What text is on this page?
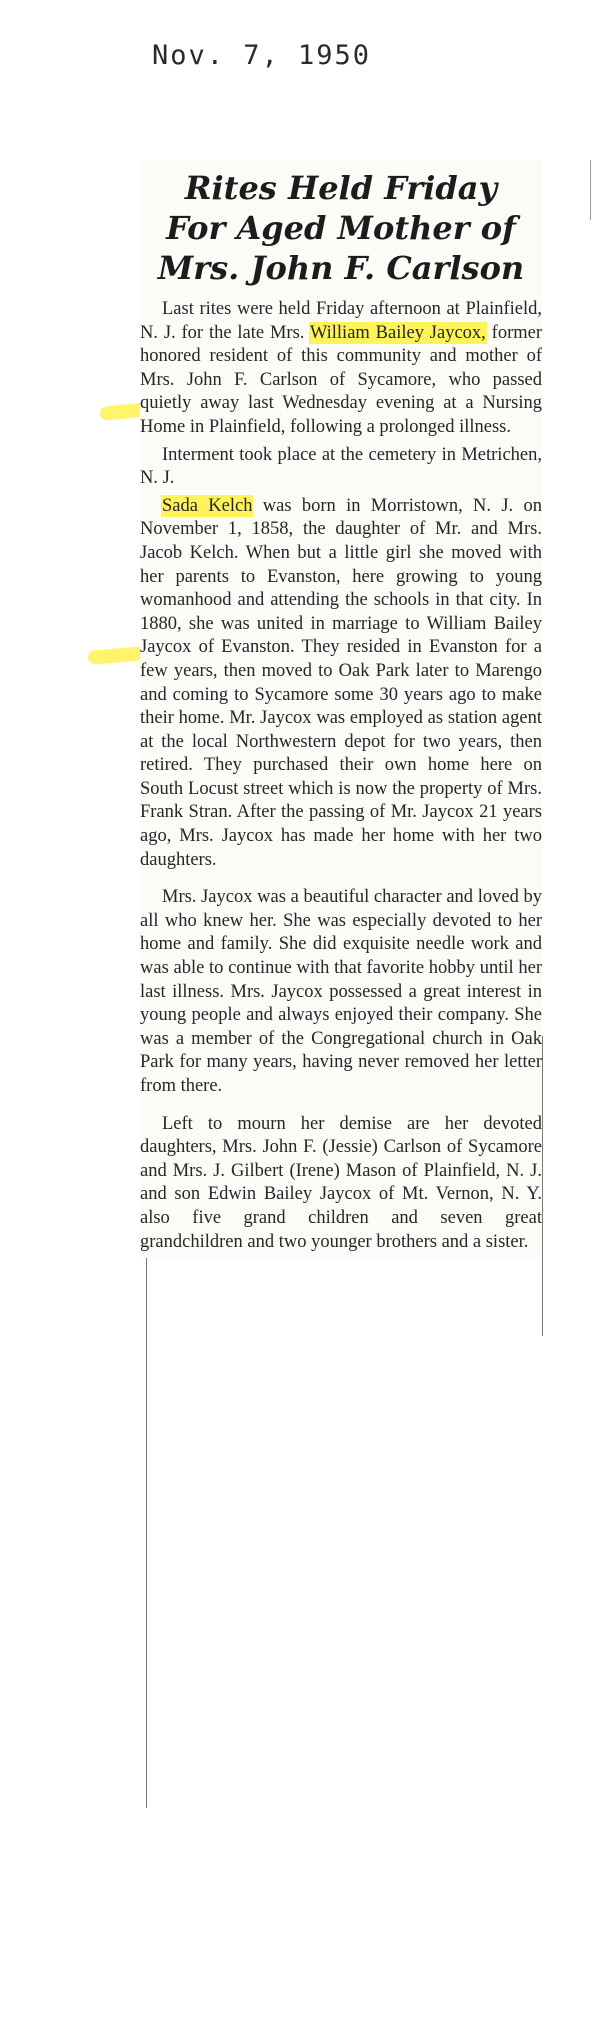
Nov. 7, 1950
Rites Held Friday
For Aged Mother of
Mrs. John F. Carlson

Last rites were held Friday afternoon at Plainfield, N. J. for the late Mrs. William Bailey Jaycox, former honored resident of this community and mother of Mrs. John F. Carlson of Sycamore, who passed quietly away last Wednesday evening at a Nursing Home in Plainfield, following a prolonged illness.

Interment took place at the cemetery in Metrichen, N. J.

Sada Kelch was born in Morristown, N. J. on November 1, 1858, the daughter of Mr. and Mrs. Jacob Kelch. When but a little girl she moved with her parents to Evanston, here growing to young womanhood and attending the schools in that city. In 1880, she was united in marriage to William Bailey Jaycox of Evanston. They resided in Evanston for a few years, then moved to Oak Park later to Marengo and coming to Sycamore some 30 years ago to make their home. Mr. Jaycox was employed as station agent at the local Northwestern depot for two years, then retired. They purchased their own home here on South Locust street which is now the property of Mrs. Frank Stran. After the passing of Mr. Jaycox 21 years ago, Mrs. Jaycox has made her home with her two daughters.

Mrs. Jaycox was a beautiful character and loved by all who knew her. She was especially devoted to her home and family. She did exquisite needle work and was able to continue with that favorite hobby until her last illness. Mrs. Jaycox possessed a great interest in young people and always enjoyed their company. She was a member of the Congregational church in Oak Park for many years, having never removed her letter from there.

Left to mourn her demise are her devoted daughters, Mrs. John F. (Jessie) Carlson of Sycamore and Mrs. J. Gilbert (Irene) Mason of Plainfield, N. J. and son Edwin Bailey Jaycox of Mt. Vernon, N. Y. also five grand children and seven great grandchildren and two younger brothers and a sister.
